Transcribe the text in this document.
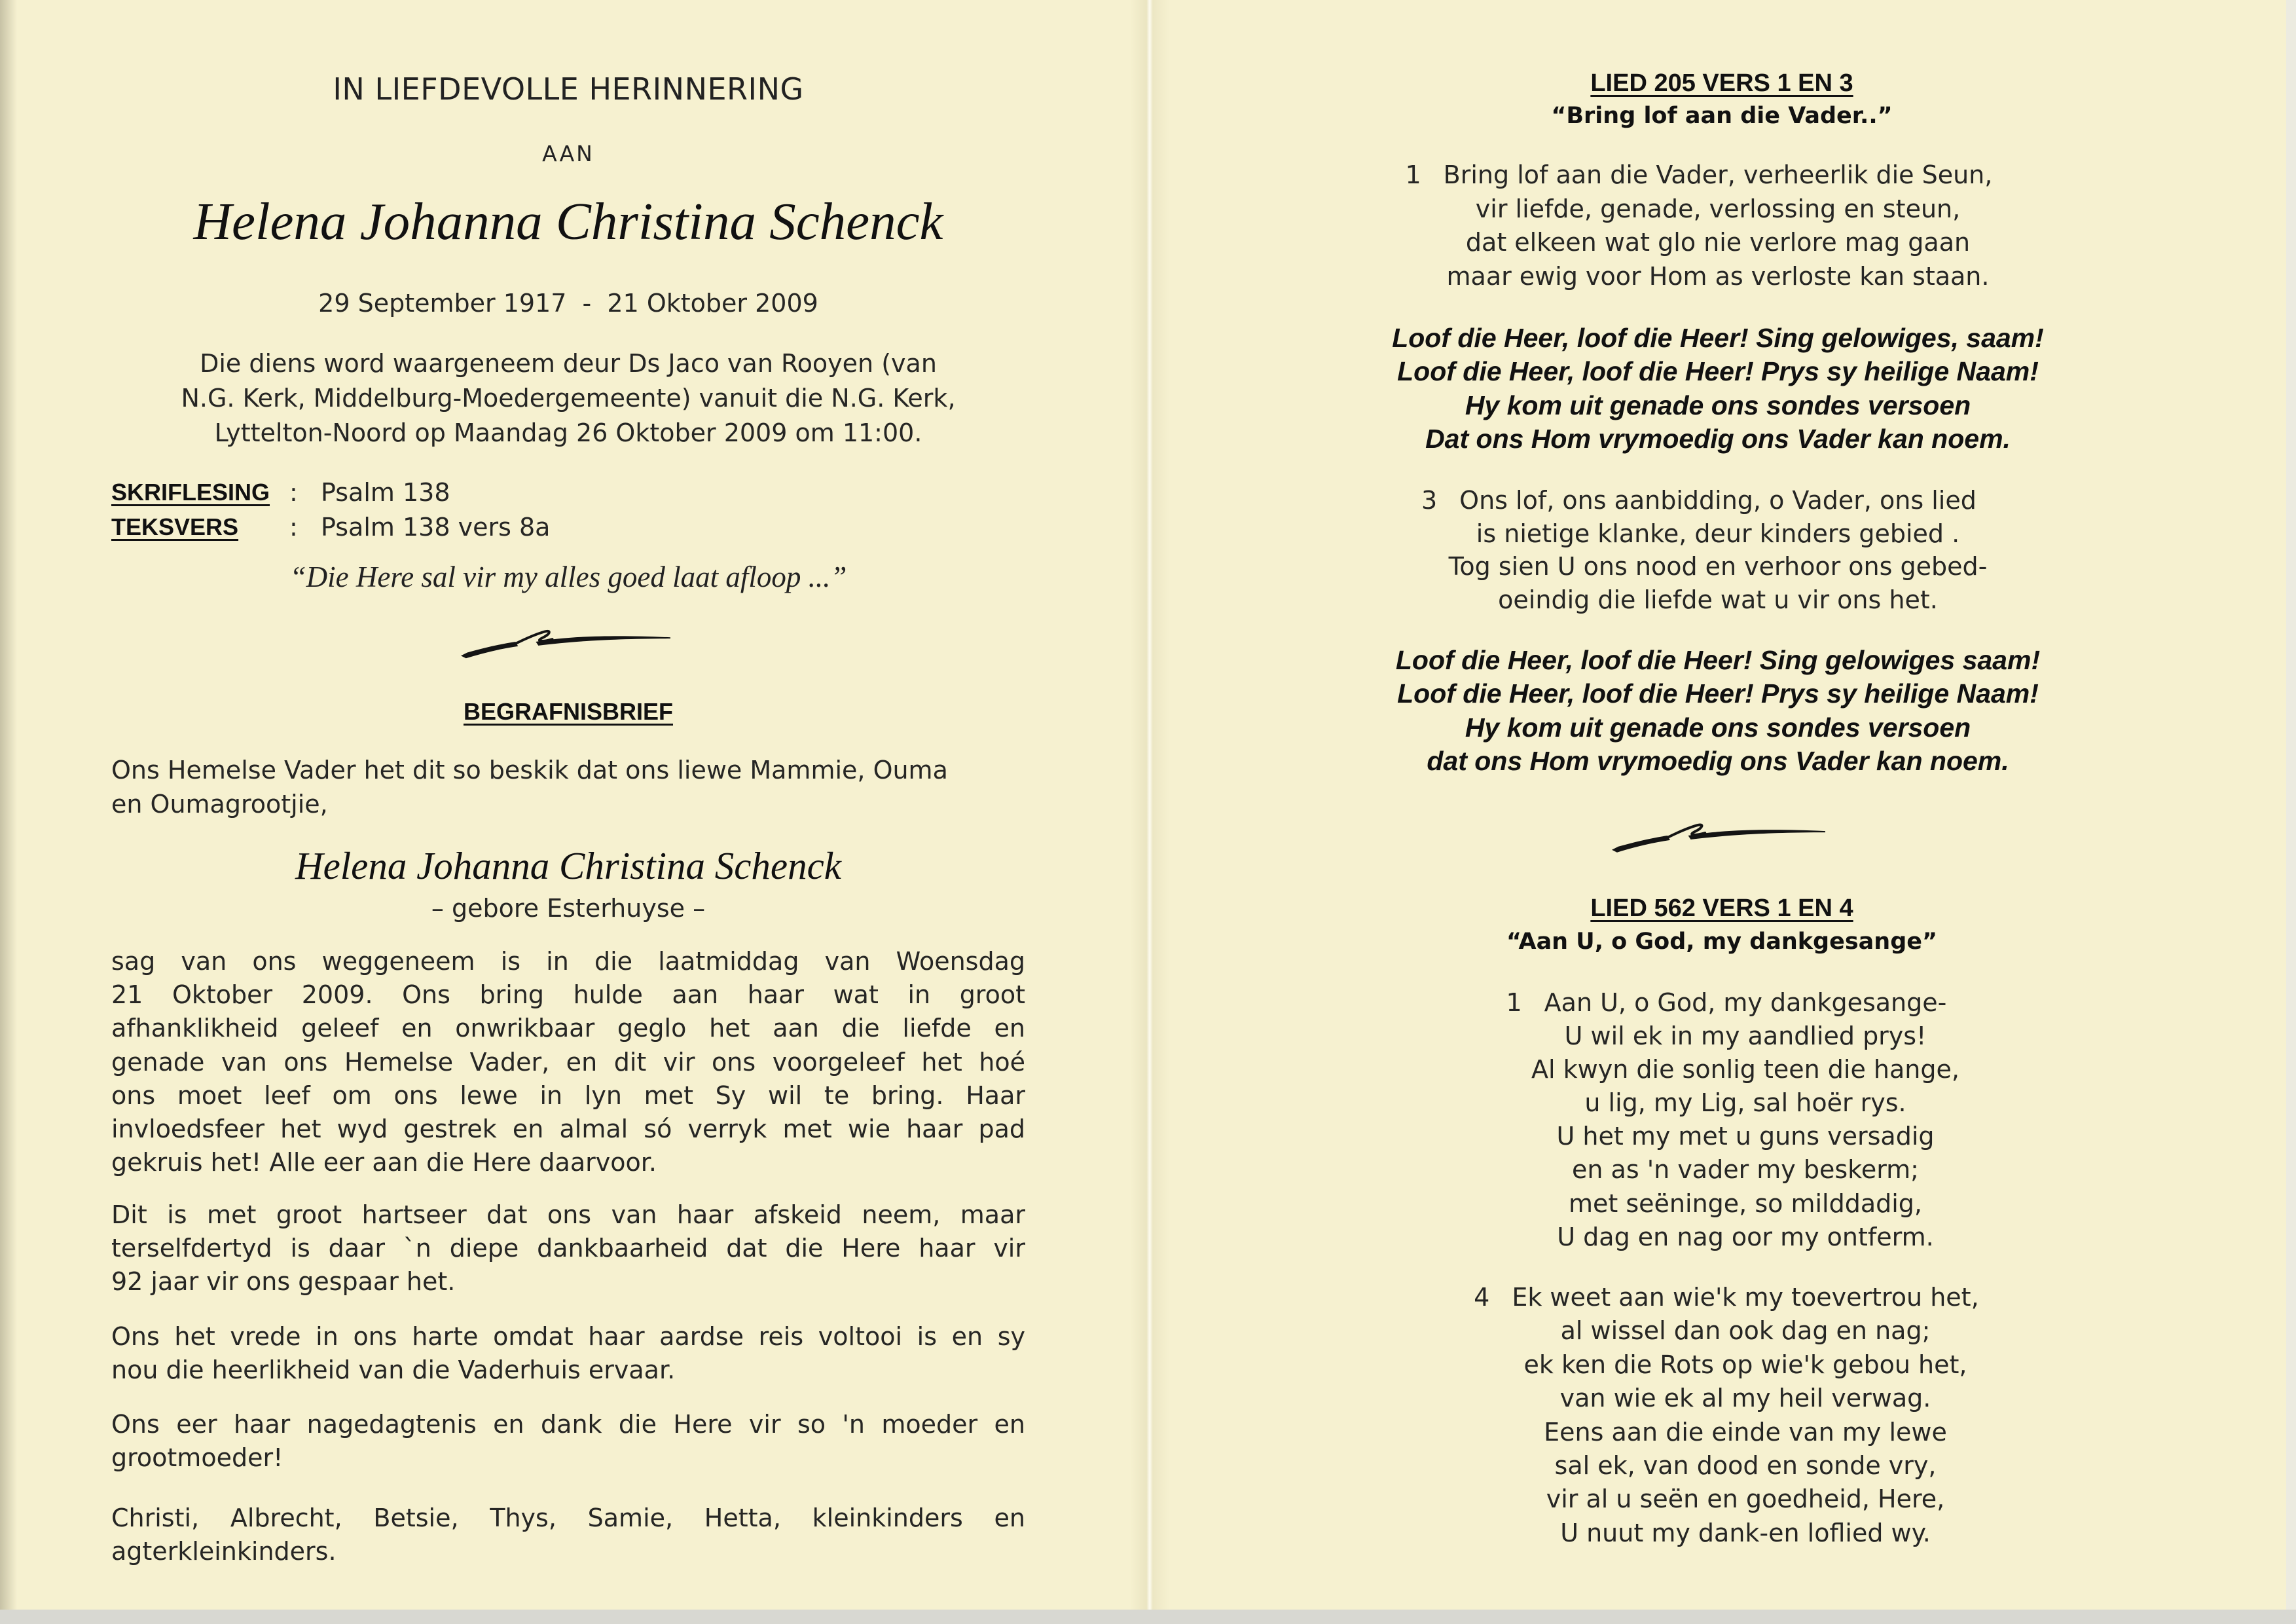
IN LIEFDEVOLLE HERINNERING
AAN
Helena Johanna Christina Schenck
29 September 1917  -  21 Oktober 2009
Die diens word waargeneem deur Ds Jaco van Rooyen (van
N.G. Kerk, Middelburg-Moedergemeente) vanuit die N.G. Kerk,
Lyttelton-Noord op Maandag 26 Oktober 2009 om 11:00.
SKRIFLESING : Psalm 138
TEKSVERS : Psalm 138 vers 8a
“Die Here sal vir my alles goed laat afloop ...”
BEGRAFNISBRIEF
Ons Hemelse Vader het dit so beskik dat ons liewe Mammie, Ouma
en Oumagrootjie,
Helena Johanna Christina Schenck
– gebore Esterhuyse –
sag van ons weggeneem is in die laatmiddag van Woensdag
21 Oktober 2009. Ons bring hulde aan haar wat in groot
afhanklikheid geleef en onwrikbaar geglo het aan die liefde en
genade van ons Hemelse Vader, en dit vir ons voorgeleef het hoé
ons moet leef om ons lewe in lyn met Sy wil te bring. Haar
invloedsfeer het wyd gestrek en almal só verryk met wie haar pad
gekruis het! Alle eer aan die Here daarvoor.
Dit is met groot hartseer dat ons van haar afskeid neem, maar
terselfdertyd is daar `n diepe dankbaarheid dat die Here haar vir
92 jaar vir ons gespaar het.
Ons het vrede in ons harte omdat haar aardse reis voltooi is en sy
nou die heerlikheid van die Vaderhuis ervaar.
Ons eer haar nagedagtenis en dank die Here vir so 'n moeder en
grootmoeder!
Christi, Albrecht, Betsie, Thys, Samie, Hetta, kleinkinders en
agterkleinkinders.
LIED 205 VERS 1 EN 3
“Bring lof aan die Vader..”
1 Bring lof aan die Vader, verheerlik die Seun,
vir liefde, genade, verlossing en steun,
dat elkeen wat glo nie verlore mag gaan
maar ewig voor Hom as verloste kan staan.
Loof die Heer, loof die Heer! Sing gelowiges, saam!
Loof die Heer, loof die Heer! Prys sy heilige Naam!
Hy kom uit genade ons sondes versoen
Dat ons Hom vrymoedig ons Vader kan noem.
3 Ons lof, ons aanbidding, o Vader, ons lied
is nietige klanke, deur kinders gebied .
Tog sien U ons nood en verhoor ons gebed-
oeindig die liefde wat u vir ons het.
Loof die Heer, loof die Heer! Sing gelowiges saam!
Loof die Heer, loof die Heer! Prys sy heilige Naam!
Hy kom uit genade ons sondes versoen
dat ons Hom vrymoedig ons Vader kan noem.
LIED 562 VERS 1 EN 4
“Aan U, o God, my dankgesange”
1 Aan U, o God, my dankgesange-
U wil ek in my aandlied prys!
Al kwyn die sonlig teen die hange,
u lig, my Lig, sal hoër rys.
U het my met u guns versadig
en as 'n vader my beskerm;
met seëninge, so milddadig,
U dag en nag oor my ontferm.
4 Ek weet aan wie'k my toevertrou het,
al wissel dan ook dag en nag;
ek ken die Rots op wie'k gebou het,
van wie ek al my heil verwag.
Eens aan die einde van my lewe
sal ek, van dood en sonde vry,
vir al u seën en goedheid, Here,
U nuut my dank-en loflied wy.
